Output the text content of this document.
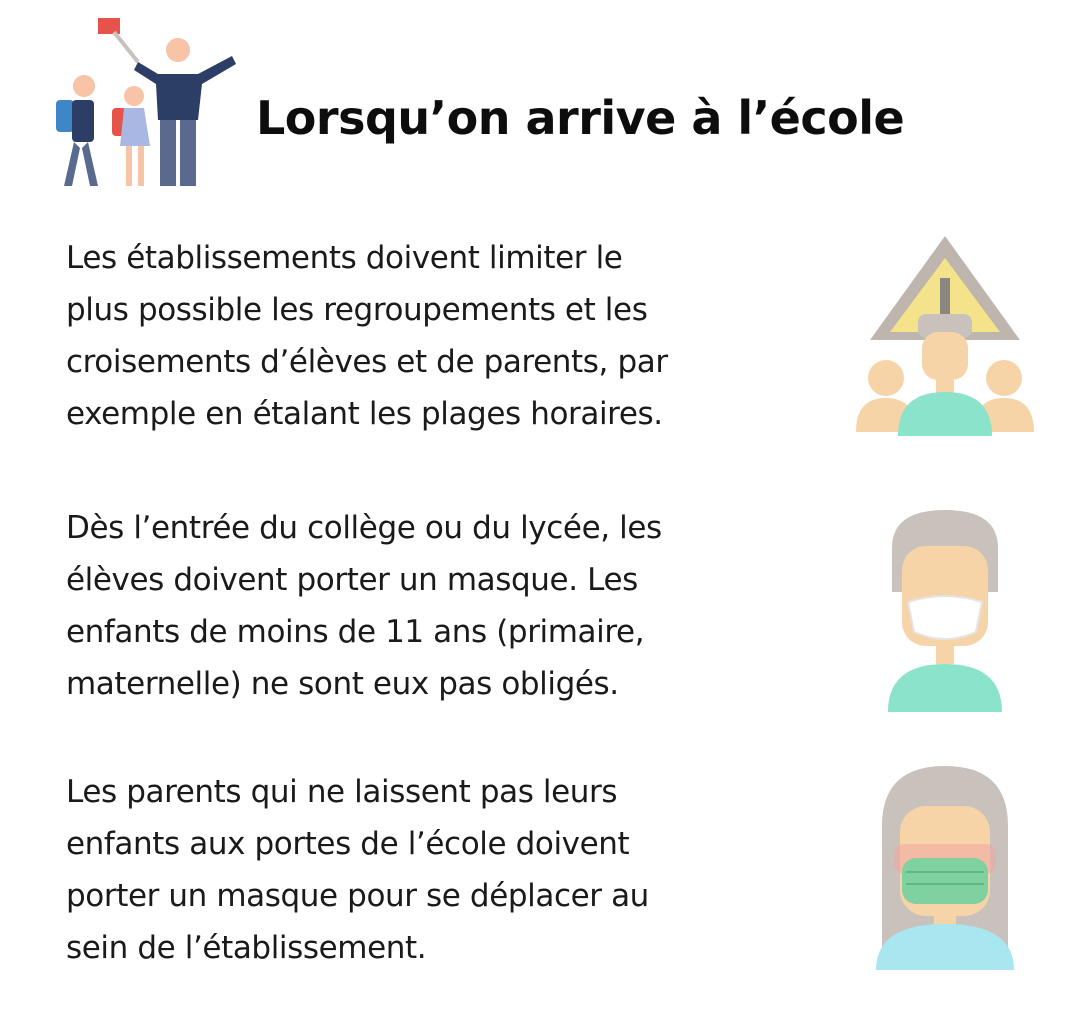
Lorsqu’on arrive à l’école

Les établissements doivent limiter le
plus possible les regroupements et les
croisements d’élèves et de parents, par
exemple en étalant les plages horaires.

Dès l’entrée du collège ou du lycée, les
élèves doivent porter un masque. Les
enfants de moins de 11 ans (primaire,
maternelle) ne sont eux pas obligés.

Les parents qui ne laissent pas leurs
enfants aux portes de l’école doivent
porter un masque pour se déplacer au
sein de l’établissement.
